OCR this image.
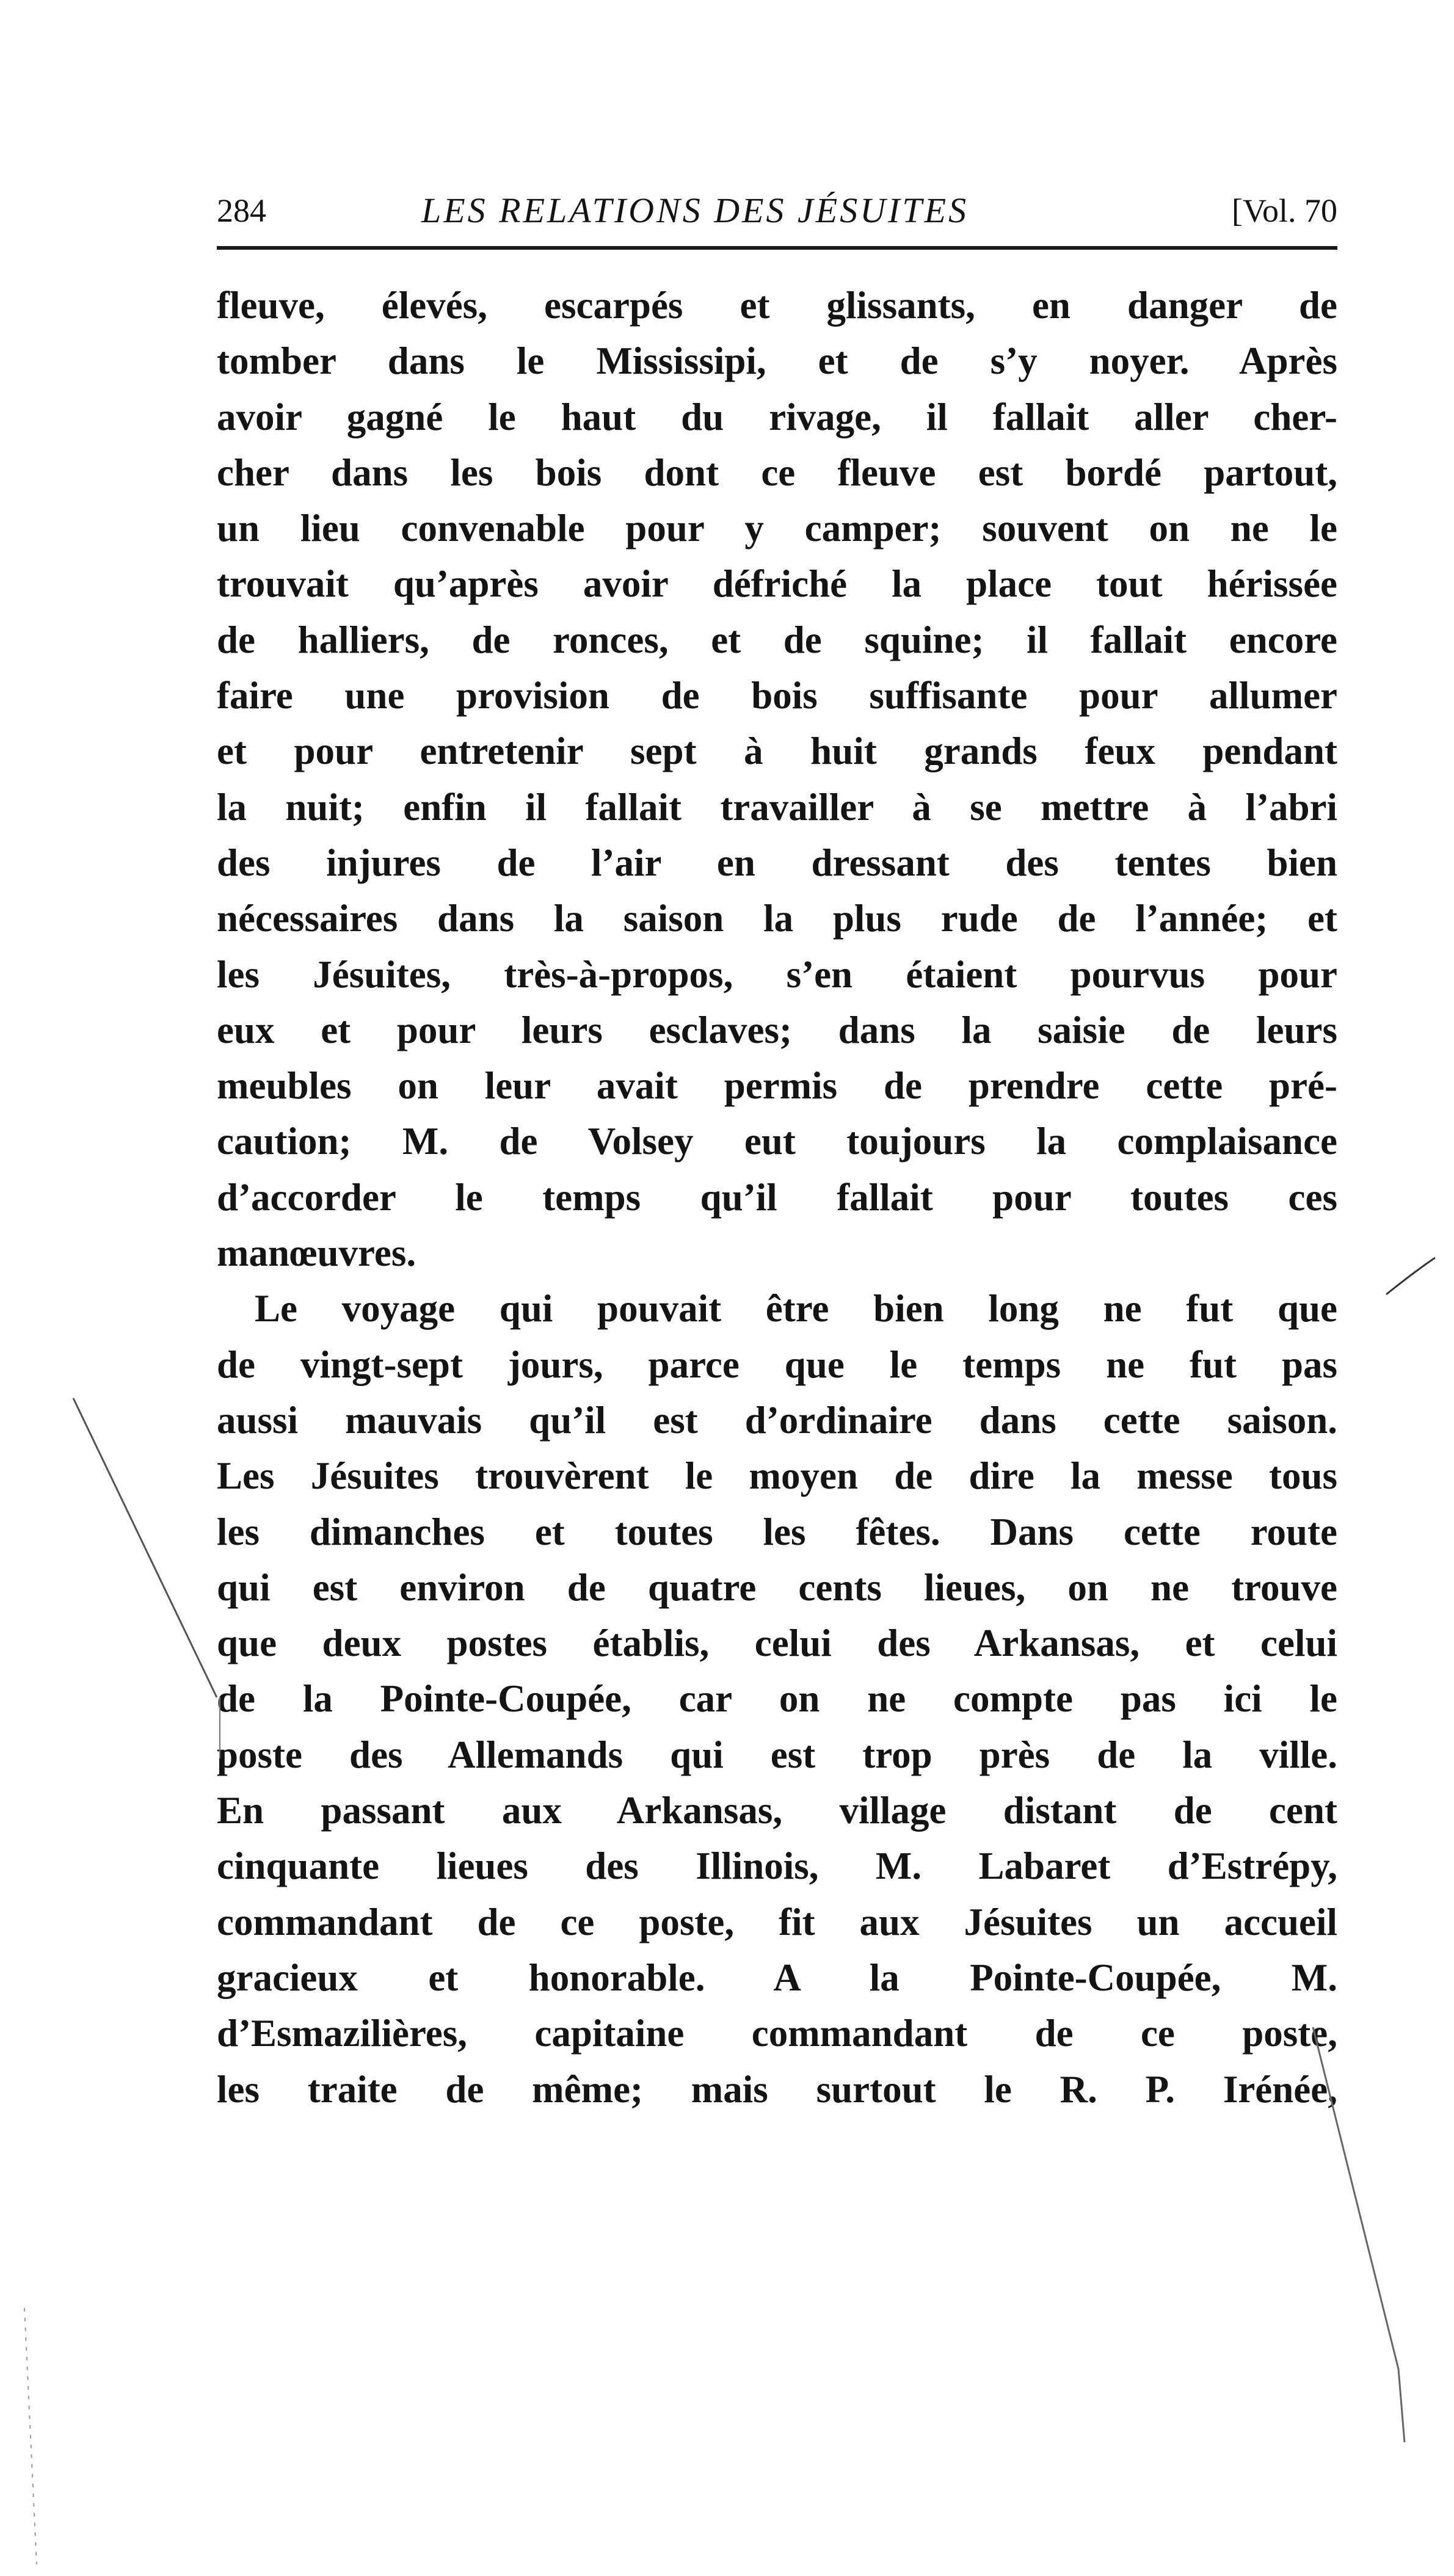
284	LES RELATIONS DES JÉSUITES	[Vol. 70
fleuve, élevés, escarpés et glissants, en danger de
tomber dans le Mississipi, et de s’y noyer. Après
avoir gagné le haut du rivage, il fallait aller cher-
cher dans les bois dont ce fleuve est bordé partout,
un lieu convenable pour y camper; souvent on ne le
trouvait qu’après avoir défriché la place tout hérissée
de halliers, de ronces, et de squine; il fallait encore
faire une provision de bois suffisante pour allumer
et pour entretenir sept à huit grands feux pendant
la nuit; enfin il fallait travailler à se mettre à l’abri
des injures de l’air en dressant des tentes bien
nécessaires dans la saison la plus rude de l’année; et
les Jésuites, très-à-propos, s’en étaient pourvus pour
eux et pour leurs esclaves; dans la saisie de leurs
meubles on leur avait permis de prendre cette pré-
caution; M. de Volsey eut toujours la complaisance
d’accorder le temps qu’il fallait pour toutes ces
manœuvres.
Le voyage qui pouvait être bien long ne fut que
de vingt-sept jours, parce que le temps ne fut pas
aussi mauvais qu’il est d’ordinaire dans cette saison.
Les Jésuites trouvèrent le moyen de dire la messe tous
les dimanches et toutes les fêtes. Dans cette route
qui est environ de quatre cents lieues, on ne trouve
que deux postes établis, celui des Arkansas, et celui
de la Pointe-Coupée, car on ne compte pas ici le
poste des Allemands qui est trop près de la ville.
En passant aux Arkansas, village distant de cent
cinquante lieues des Illinois, M. Labaret d’Estrépy,
commandant de ce poste, fit aux Jésuites un accueil
gracieux et honorable. A la Pointe-Coupée, M.
d’Esmazilières, capitaine commandant de ce poste,
les traite de même; mais surtout le R. P. Irénée,
